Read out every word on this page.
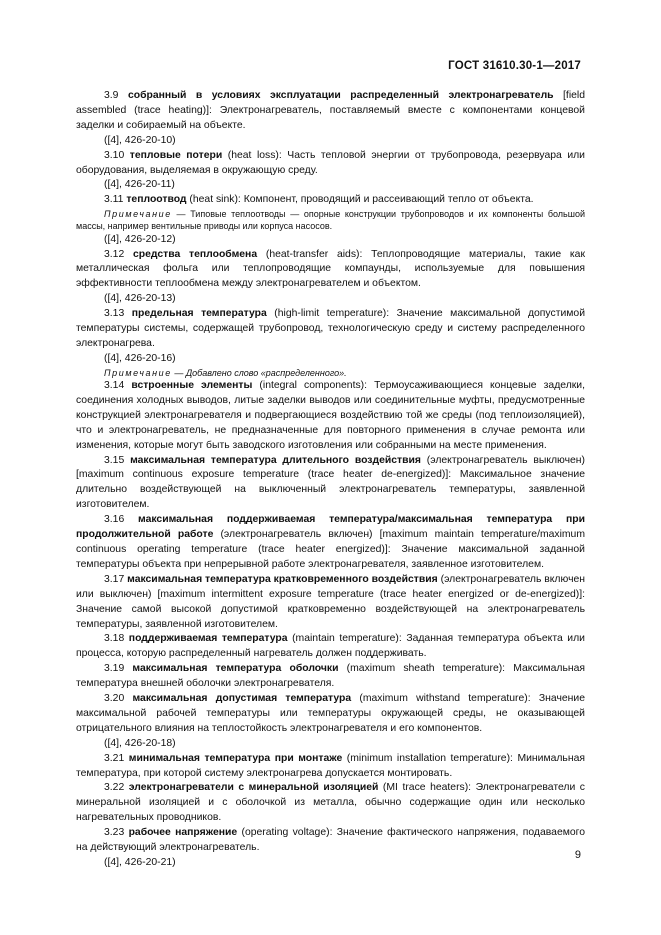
ГОСТ 31610.30-1—2017

3.9 собранный в условиях эксплуатации распределенный электронагреватель [field assembled (trace heating)]: Электронагреватель, поставляемый вместе с компонентами концевой заделки и собираемый на объекте.

([4], 426-20-10)

3.10 тепловые потери (heat loss): Часть тепловой энергии от трубопровода, резервуара или оборудования, выделяемая в окружающую среду.

([4], 426-20-11)

3.11 теплоотвод (heat sink): Компонент, проводящий и рассеивающий тепло от объекта.

Примечание — Типовые теплоотводы — опорные конструкции трубопроводов и их компоненты большой массы, например вентильные приводы или корпуса насосов.

([4], 426-20-12)

3.12 средства теплообмена (heat-transfer aids): Теплопроводящие материалы, такие как металлическая фольга или теплопроводящие компаунды, используемые для повышения эффективности теплообмена между электронагревателем и объектом.

([4], 426-20-13)

3.13 предельная температура (high-limit temperature): Значение максимальной допустимой температуры системы, содержащей трубопровод, технологическую среду и систему распределенного электронагрева.

([4], 426-20-16)

Примечание — Добавлено слово «распределенного».

3.14 встроенные элементы (integral components): Термоусаживающиеся концевые заделки, соединения холодных выводов, литые заделки выводов или соединительные муфты, предусмотренные конструкцией электронагревателя и подвергающиеся воздействию той же среды (под теплоизоляцией), что и электронагреватель, не предназначенные для повторного применения в случае ремонта или изменения, которые могут быть заводского изготовления или собранными на месте применения.

3.15 максимальная температура длительного воздействия (электронагреватель выключен) [maximum continuous exposure temperature (trace heater de-energized)]: Максимальное значение длительно воздействующей на выключенный электронагреватель температуры, заявленной изготовителем.

3.16 максимальная поддерживаемая температура/максимальная температура при продолжительной работе (электронагреватель включен) [maximum maintain temperature/maximum continuous operating temperature (trace heater energized)]: Значение максимальной заданной температуры объекта при непрерывной работе электронагревателя, заявленное изготовителем.

3.17 максимальная температура кратковременного воздействия (электронагреватель включен или выключен) [maximum intermittent exposure temperature (trace heater energized or de-energized)]: Значение самой высокой допустимой кратковременно воздействующей на электронагреватель температуры, заявленной изготовителем.

3.18 поддерживаемая температура (maintain temperature): Заданная температура объекта или процесса, которую распределенный нагреватель должен поддерживать.

3.19 максимальная температура оболочки (maximum sheath temperature): Максимальная температура внешней оболочки электронагревателя.

3.20 максимальная допустимая температура (maximum withstand temperature): Значение максимальной рабочей температуры или температуры окружающей среды, не оказывающей отрицательного влияния на теплостойкость электронагревателя и его компонентов.

([4], 426-20-18)

3.21 минимальная температура при монтаже (minimum installation temperature): Минимальная температура, при которой систему электронагрева допускается монтировать.

3.22 электронагреватели с минеральной изоляцией (MI trace heaters): Электронагреватели с минеральной изоляцией и с оболочкой из металла, обычно содержащие один или несколько нагревательных проводников.

3.23 рабочее напряжение (operating voltage): Значение фактического напряжения, подаваемого на действующий электронагреватель.

([4], 426-20-21)

9
